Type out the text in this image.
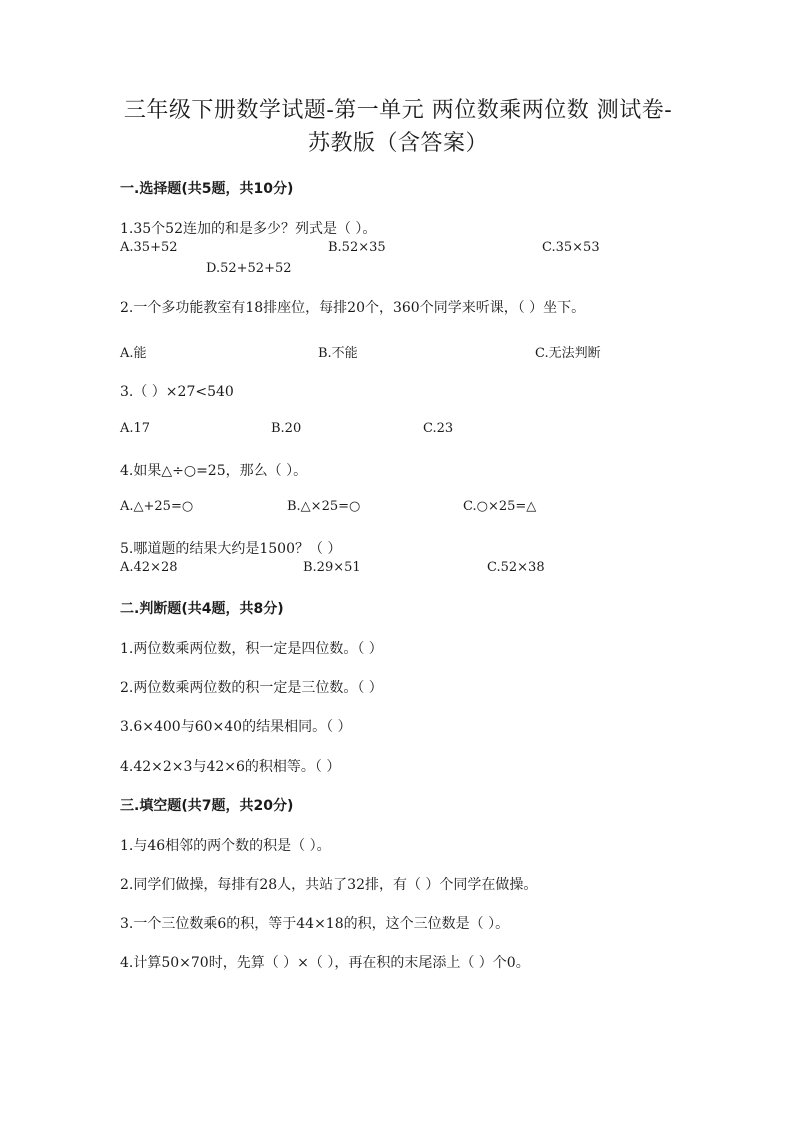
三年级下册数学试题-第一单元 两位数乘两位数 测试卷-苏教版（含答案）
一.选择题(共5题，共10分)
1.35个52连加的和是多少？列式是（ ）。
A.35+52	B.52×35	C.35×53
D.52+52+52
2.一个多功能教室有18排座位，每排20个，360个同学来听课，（ ）坐下。
A.能	B.不能	C.无法判断
3.（ ）×27<540
A.17	B.20	C.23
4.如果△÷○=25，那么（ ）。
A.△+25=○	B.△×25=○	C.○×25=△
5.哪道题的结果大约是1500？（ ）
A.42×28	B.29×51	C.52×38
二.判断题(共4题，共8分)
1.两位数乘两位数，积一定是四位数。（ ）
2.两位数乘两位数的积一定是三位数。（ ）
3.6×400与60×40的结果相同。（ ）
4.42×2×3与42×6的积相等。（ ）
三.填空题(共7题，共20分)
1.与46相邻的两个数的积是（ ）。
2.同学们做操，每排有28人，共站了32排，有（ ）个同学在做操。
3.一个三位数乘6的积，等于44×18的积，这个三位数是（ ）。
4.计算50×70时，先算（ ）×（ ），再在积的末尾添上（ ）个0。
